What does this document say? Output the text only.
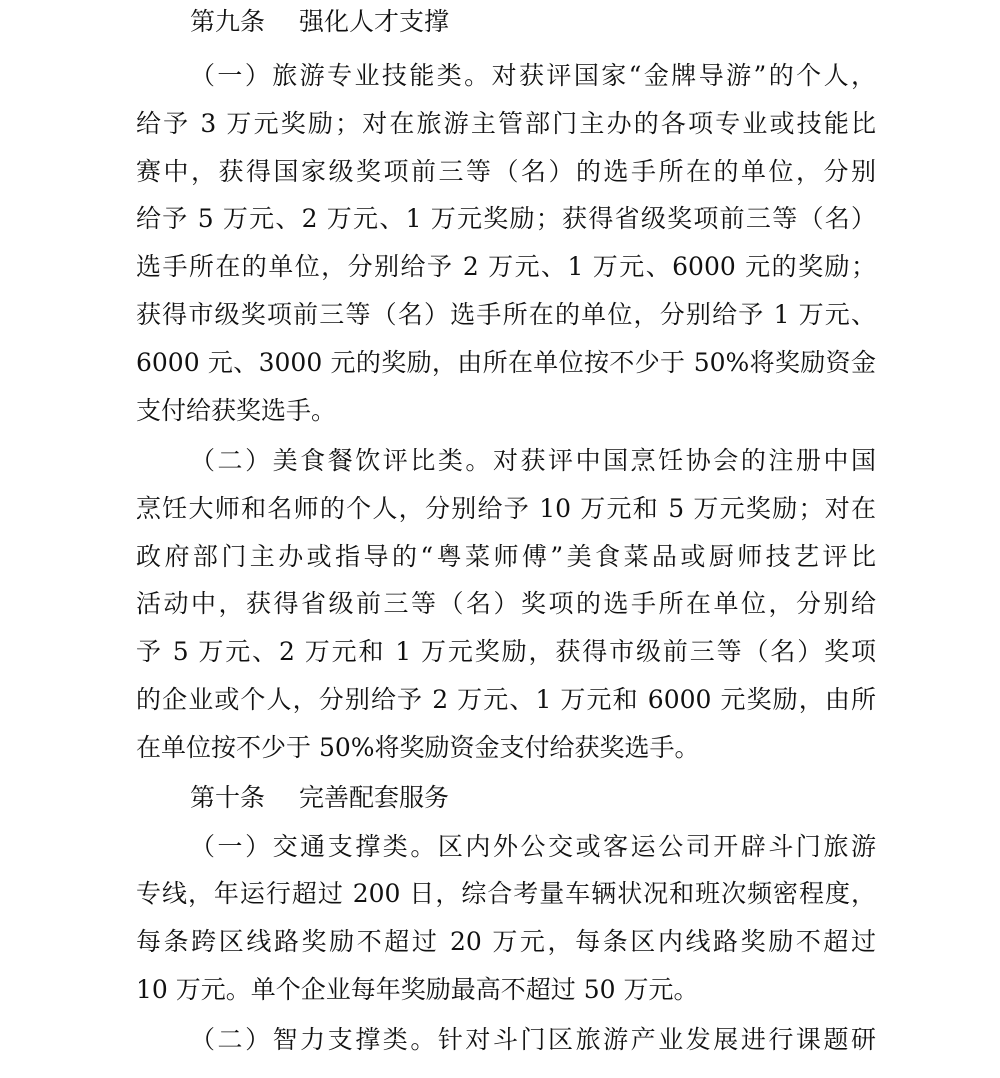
第九条 强化人才支撑
（一）旅游专业技能类。对获评国家“金牌导游”的个人，
给予 3 万元奖励；对在旅游主管部门主办的各项专业或技能比
赛中，获得国家级奖项前三等（名）的选手所在的单位，分别
给予 5 万元、2 万元、1 万元奖励；获得省级奖项前三等（名）
选手所在的单位，分别给予 2 万元、1 万元、6000 元的奖励；
获得市级奖项前三等（名）选手所在的单位，分别给予 1 万元、
6000 元、3000 元的奖励，由所在单位按不少于 50%将奖励资金
支付给获奖选手。
（二）美食餐饮评比类。对获评中国烹饪协会的注册中国
烹饪大师和名师的个人，分别给予 10 万元和 5 万元奖励；对在
政府部门主办或指导的“粤菜师傅”美食菜品或厨师技艺评比
活动中，获得省级前三等（名）奖项的选手所在单位，分别给
予 5 万元、2 万元和 1 万元奖励，获得市级前三等（名）奖项
的企业或个人，分别给予 2 万元、1 万元和 6000 元奖励，由所
在单位按不少于 50%将奖励资金支付给获奖选手。
第十条 完善配套服务
（一）交通支撑类。区内外公交或客运公司开辟斗门旅游
专线，年运行超过 200 日，综合考量车辆状况和班次频密程度，
每条跨区线路奖励不超过 20 万元，每条区内线路奖励不超过
10 万元。单个企业每年奖励最高不超过 50 万元。
（二）智力支撑类。针对斗门区旅游产业发展进行课题研
